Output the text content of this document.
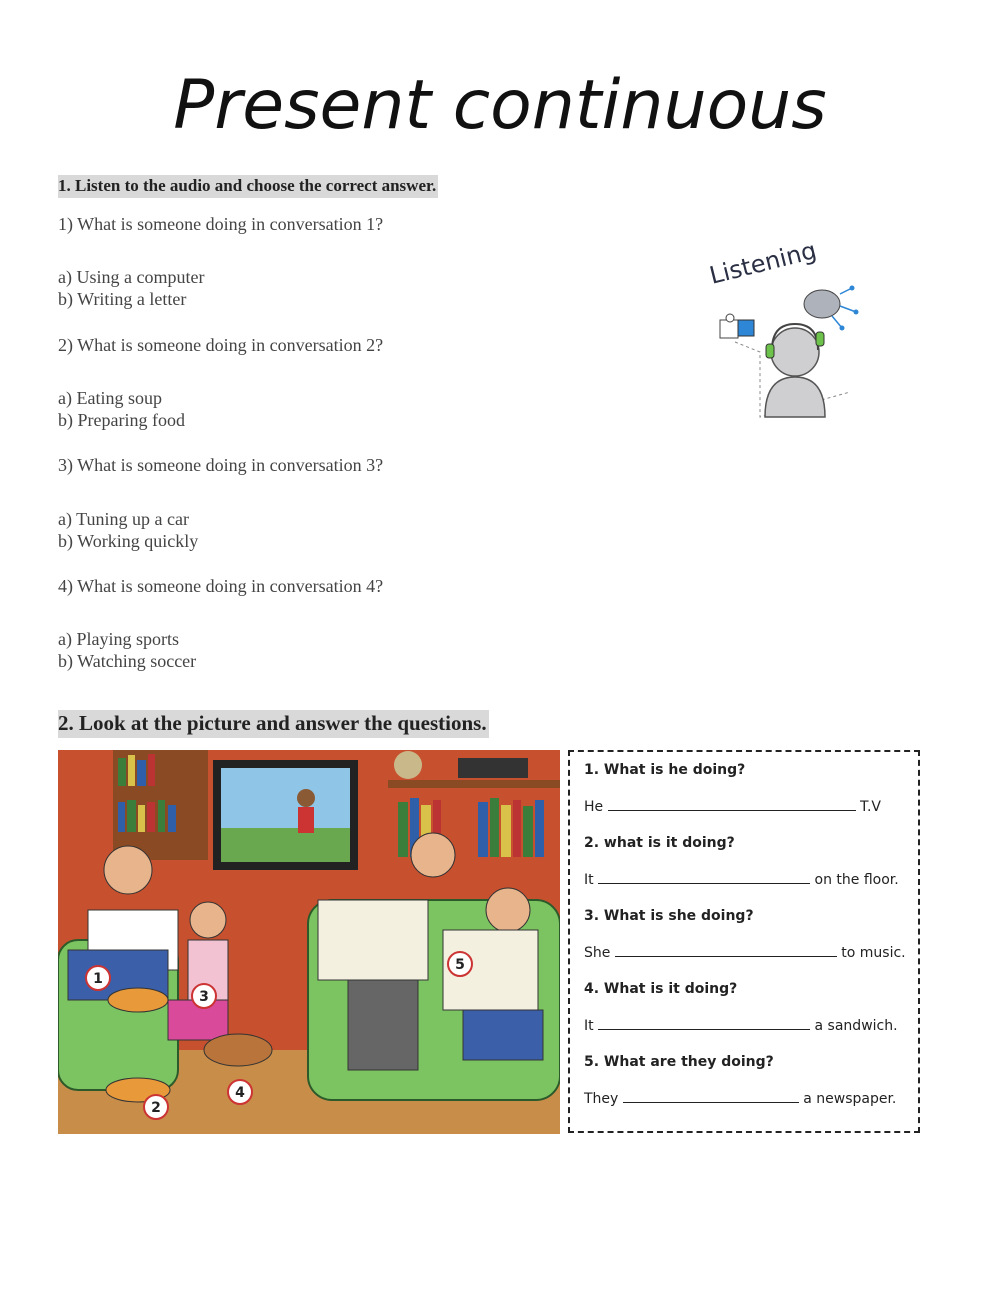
Present continuous
1. Listen to the audio and choose the correct answer.
1) What is someone doing in conversation 1?
a) Using a computer
b) Writing a letter
2) What is someone doing in conversation 2?
a) Eating soup
b) Preparing food
3) What is someone doing in conversation 3?
a) Tuning up a car
b) Working quickly
4) What is someone doing in conversation 4?
a) Playing sports
b) Watching soccer
Listening
2. Look at the picture and answer the questions.
1
2
3
4
5
1. What is he doing?
He	T.V
2. what is it doing?
It	on the floor.
3. What is she doing?
She	to music.
4. What is it doing?
It	a sandwich.
5. What are they doing?
They	a newspaper.
